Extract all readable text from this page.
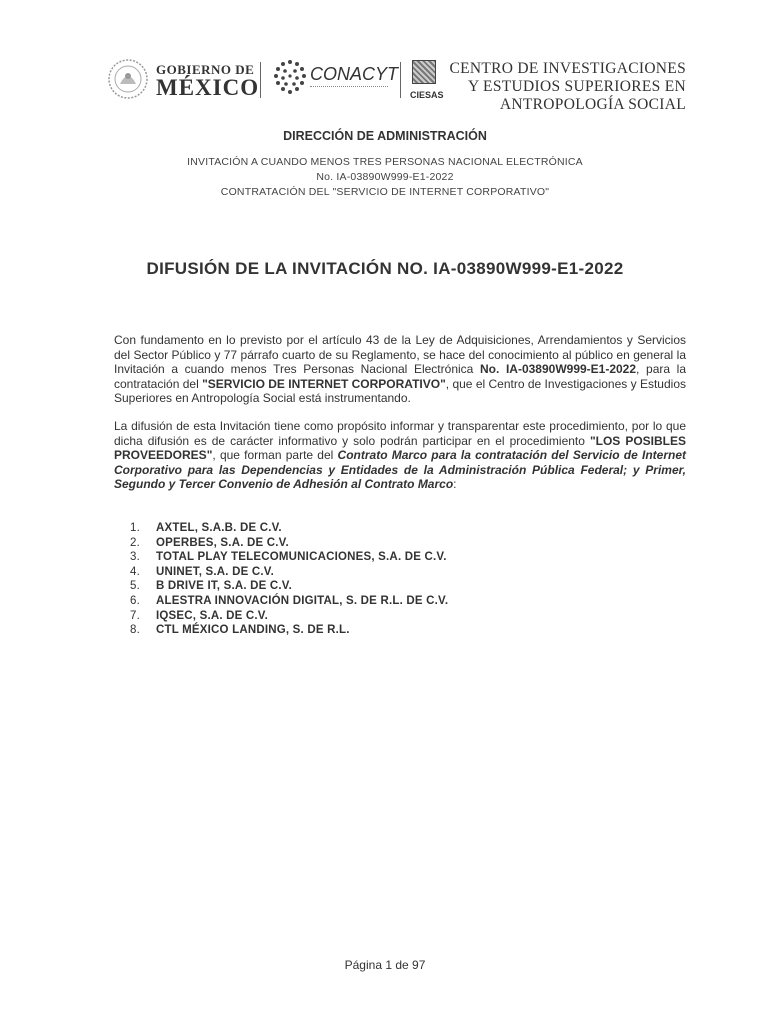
GOBIERNO DE
MÉXICO
CONACYT
CIESAS
CENTRO DE INVESTIGACIONES
Y ESTUDIOS SUPERIORES EN
ANTROPOLOGÍA SOCIAL
DIRECCIÓN DE ADMINISTRACIÓN
INVITACIÓN A CUANDO MENOS TRES PERSONAS NACIONAL ELECTRÓNICA
No. IA-03890W999-E1-2022
CONTRATACIÓN DEL "SERVICIO DE INTERNET CORPORATIVO"
DIFUSIÓN DE LA INVITACIÓN NO. IA-03890W999-E1-2022
Con fundamento en lo previsto por el artículo 43 de la Ley de Adquisiciones, Arrendamientos y Servicios del Sector Público y 77 párrafo cuarto de su Reglamento, se hace del conocimiento al público en general la Invitación a cuando menos Tres Personas Nacional Electrónica No. IA-03890W999-E1-2022, para la contratación del "SERVICIO DE INTERNET CORPORATIVO", que el Centro de Investigaciones y Estudios Superiores en Antropología Social está instrumentando.
La difusión de esta Invitación tiene como propósito informar y transparentar este procedimiento, por lo que dicha difusión es de carácter informativo y solo podrán participar en el procedimiento "LOS POSIBLES PROVEEDORES", que forman parte del Contrato Marco para la contratación del Servicio de Internet Corporativo para las Dependencias y Entidades de la Administración Pública Federal; y Primer, Segundo y Tercer Convenio de Adhesión al Contrato Marco:
1.	AXTEL, S.A.B. DE C.V.
2.	OPERBES, S.A. DE C.V.
3.	TOTAL PLAY TELECOMUNICACIONES, S.A. DE C.V.
4.	UNINET, S.A. DE C.V.
5.	B DRIVE IT, S.A. DE C.V.
6.	ALESTRA INNOVACIÓN DIGITAL, S. DE R.L. DE C.V.
7.	IQSEC, S.A. DE C.V.
8.	CTL MÉXICO LANDING, S. DE R.L.
Página 1 de 97
